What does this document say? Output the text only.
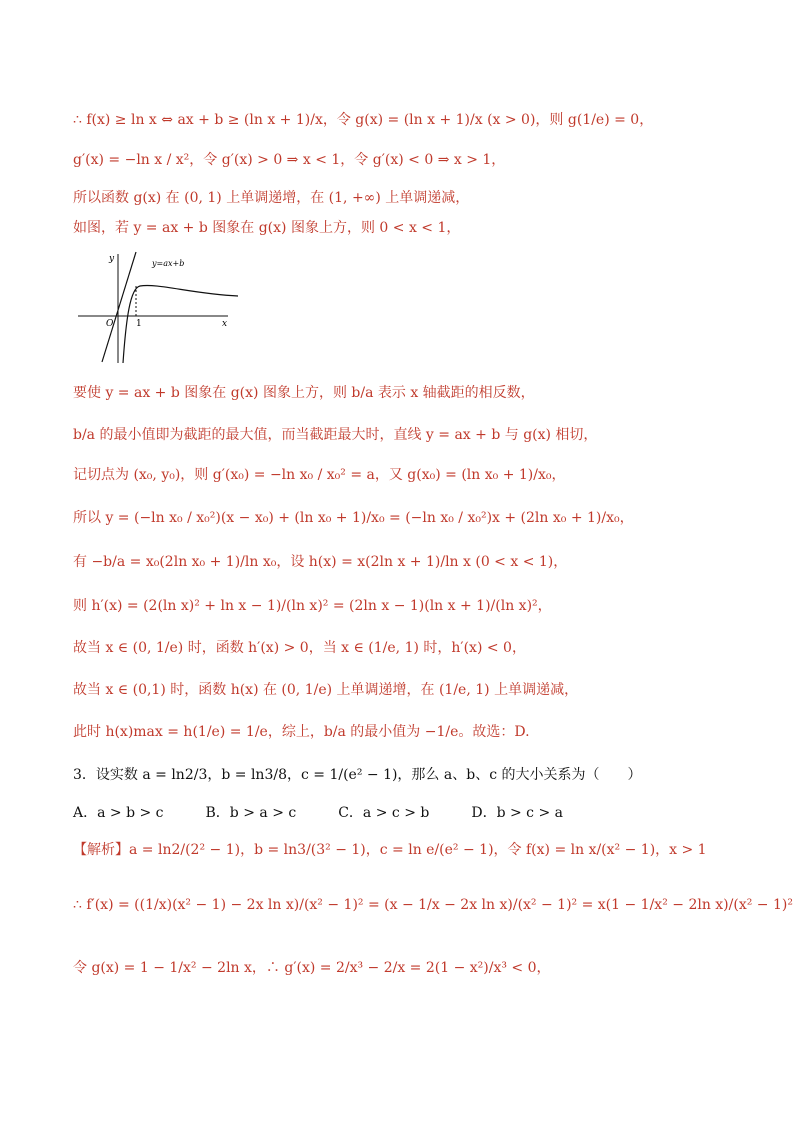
∴ f(x) ≥ ln x ⇔ ax + b ≥ (ln x + 1)/x，令 g(x) = (ln x + 1)/x (x > 0)，则 g(1/e) = 0，
g′(x) = −ln x / x²，令 g′(x) > 0 ⇒ x < 1，令 g′(x) < 0 ⇒ x > 1，
所以函数 g(x) 在 (0, 1) 上单调递增，在 (1, +∞) 上单调递减，
如图，若 y = ax + b 图象在 g(x) 图象上方，则 0 < x < 1，
要使 y = ax + b 图象在 g(x) 图象上方，则 b/a 表示 x 轴截距的相反数，
b/a 的最小值即为截距的最大值，而当截距最大时，直线 y = ax + b 与 g(x) 相切，
记切点为 (x₀, y₀)，则 g′(x₀) = −ln x₀ / x₀² = a，又 g(x₀) = (ln x₀ + 1)/x₀，
所以 y = (−ln x₀ / x₀²)(x − x₀) + (ln x₀ + 1)/x₀ = (−ln x₀ / x₀²)x + (2ln x₀ + 1)/x₀，
有 −b/a = x₀(2ln x₀ + 1)/ln x₀，设 h(x) = x(2ln x + 1)/ln x (0 < x < 1)，
则 h′(x) = (2(ln x)² + ln x − 1)/(ln x)² = (2ln x − 1)(ln x + 1)/(ln x)²，
故当 x ∈ (0, 1/e) 时，函数 h′(x) > 0，当 x ∈ (1/e, 1) 时，h′(x) < 0，
故当 x ∈ (0,1) 时，函数 h(x) 在 (0, 1/e) 上单调递增，在 (1/e, 1) 上单调递减，
此时 h(x)max = h(1/e) = 1/e，综上，b/a 的最小值为 −1/e。故选：D.
3．设实数 a = ln2/3，b = ln3/8，c = 1/(e² − 1)，那么 a、b、c 的大小关系为（　　）
A．a > b > c　　　B．b > a > c　　　C．a > c > b　　　D．b > c > a
【解析】a = ln2/(2² − 1)，b = ln3/(3² − 1)，c = ln e/(e² − 1)，令 f(x) = ln x/(x² − 1)，x > 1
∴ f′(x) = ((1/x)(x² − 1) − 2x ln x)/(x² − 1)² = (x − 1/x − 2x ln x)/(x² − 1)² = x(1 − 1/x² − 2ln x)/(x² − 1)²
令 g(x) = 1 − 1/x² − 2ln x，∴ g′(x) = 2/x³ − 2/x = 2(1 − x²)/x³ < 0，
y
x
O	1
y=ax+b
